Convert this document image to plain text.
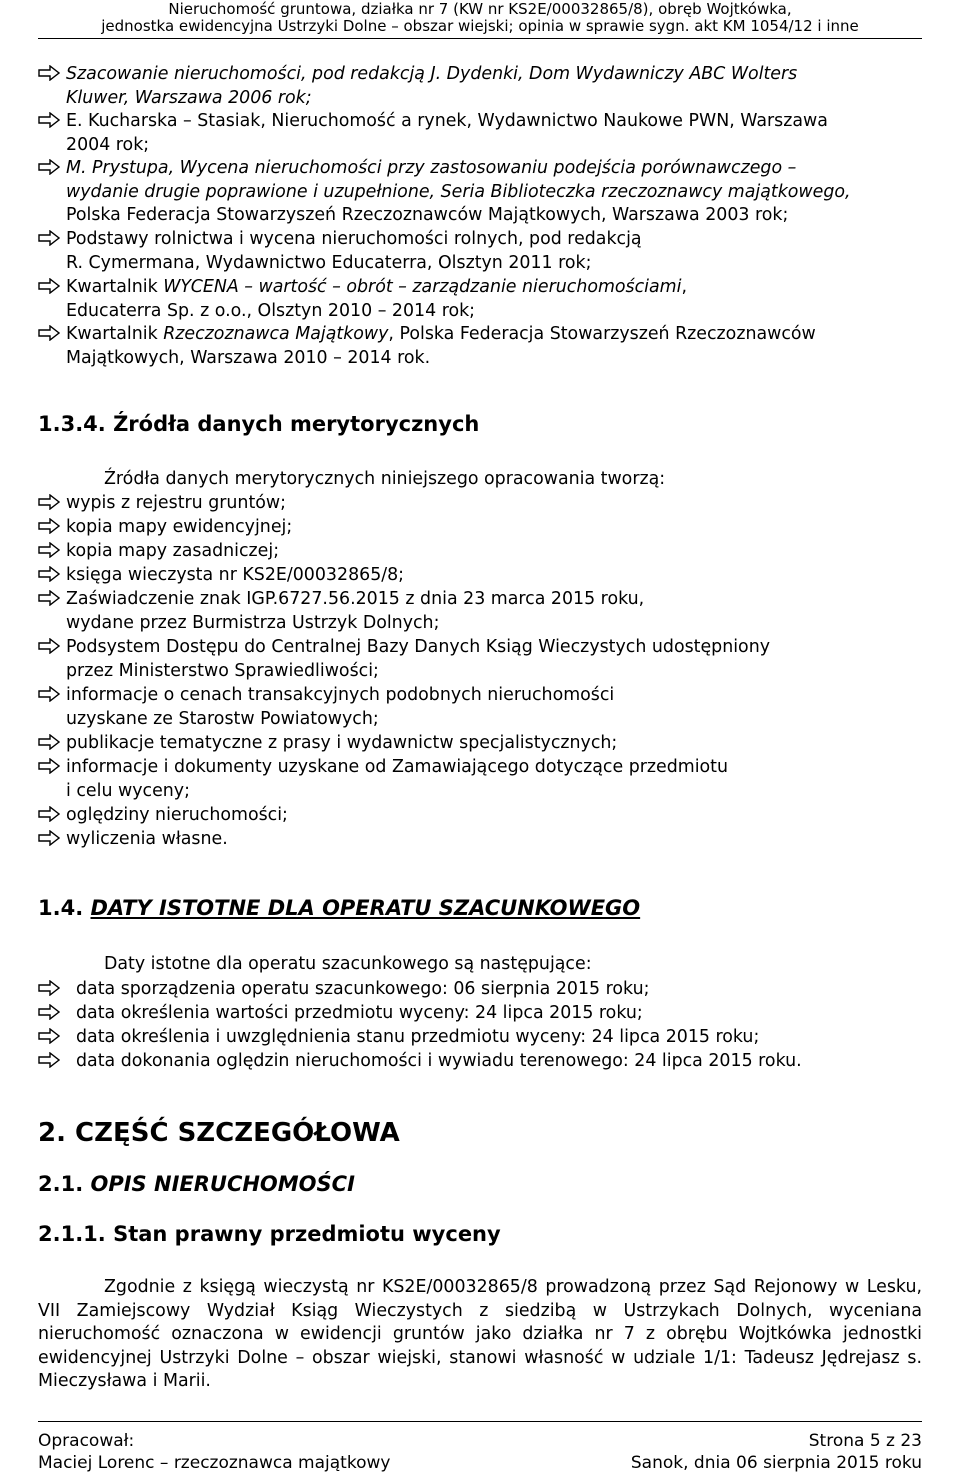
Nieruchomość gruntowa, działka nr 7 (KW nr KS2E/00032865/8), obręb Wojtkówka,
jednostka ewidencyjna Ustrzyki Dolne – obszar wiejski; opinia w sprawie sygn. akt KM 1054/12 i inne
Szacowanie nieruchomości, pod redakcją J. Dydenki, Dom Wydawniczy ABC Wolters
Kluwer, Warszawa 2006 rok;
E. Kucharska – Stasiak, Nieruchomość a rynek, Wydawnictwo Naukowe PWN, Warszawa
2004 rok;
M. Prystupa, Wycena nieruchomości przy zastosowaniu podejścia porównawczego –
wydanie drugie poprawione i uzupełnione, Seria Biblioteczka rzeczoznawcy majątkowego,
Polska Federacja Stowarzyszeń Rzeczoznawców Majątkowych, Warszawa 2003 rok;
Podstawy rolnictwa i wycena nieruchomości rolnych, pod redakcją
R. Cymermana, Wydawnictwo Educaterra, Olsztyn 2011 rok;
Kwartalnik WYCENA – wartość – obrót – zarządzanie nieruchomościami,
Educaterra Sp. z o.o., Olsztyn 2010 – 2014 rok;
Kwartalnik Rzeczoznawca Majątkowy, Polska Federacja Stowarzyszeń Rzeczoznawców
Majątkowych, Warszawa 2010 – 2014 rok.
1.3.4. Źródła danych merytorycznych
Źródła danych merytorycznych niniejszego opracowania tworzą:
wypis z rejestru gruntów;
kopia mapy ewidencyjnej;
kopia mapy zasadniczej;
księga wieczysta nr KS2E/00032865/8;
Zaświadczenie znak IGP.6727.56.2015 z dnia 23 marca 2015 roku,
wydane przez Burmistrza Ustrzyk Dolnych;
Podsystem Dostępu do Centralnej Bazy Danych Ksiąg Wieczystych udostępniony
przez Ministerstwo Sprawiedliwości;
informacje o cenach transakcyjnych podobnych nieruchomości
uzyskane ze Starostw Powiatowych;
publikacje tematyczne z prasy i wydawnictw specjalistycznych;
informacje i dokumenty uzyskane od Zamawiającego dotyczące przedmiotu
i celu wyceny;
oględziny nieruchomości;
wyliczenia własne.
1.4. DATY ISTOTNE DLA OPERATU SZACUNKOWEGO
Daty istotne dla operatu szacunkowego są następujące:
data sporządzenia operatu szacunkowego: 06 sierpnia 2015 roku;
data określenia wartości przedmiotu wyceny: 24 lipca 2015 roku;
data określenia i uwzględnienia stanu przedmiotu wyceny: 24 lipca 2015 roku;
data dokonania oględzin nieruchomości i wywiadu terenowego: 24 lipca 2015 roku.
2. CZĘŚĆ SZCZEGÓŁOWA
2.1. OPIS NIERUCHOMOŚCI
2.1.1. Stan prawny przedmiotu wyceny
Zgodnie z księgą wieczystą nr KS2E/00032865/8 prowadzoną przez Sąd Rejonowy w Lesku, VII Zamiejscowy Wydział Ksiąg Wieczystych z siedzibą w Ustrzykach Dolnych, wyceniana nieruchomość oznaczona w ewidencji gruntów jako działka nr 7 z obrębu Wojtkówka jednostki ewidencyjnej Ustrzyki Dolne – obszar wiejski, stanowi własność w udziale 1/1: Tadeusz Jędrejasz s. Mieczysława i Marii.
Opracował:
Maciej Lorenc – rzeczoznawca majątkowy
Strona 5 z 23
Sanok, dnia 06 sierpnia 2015 roku
